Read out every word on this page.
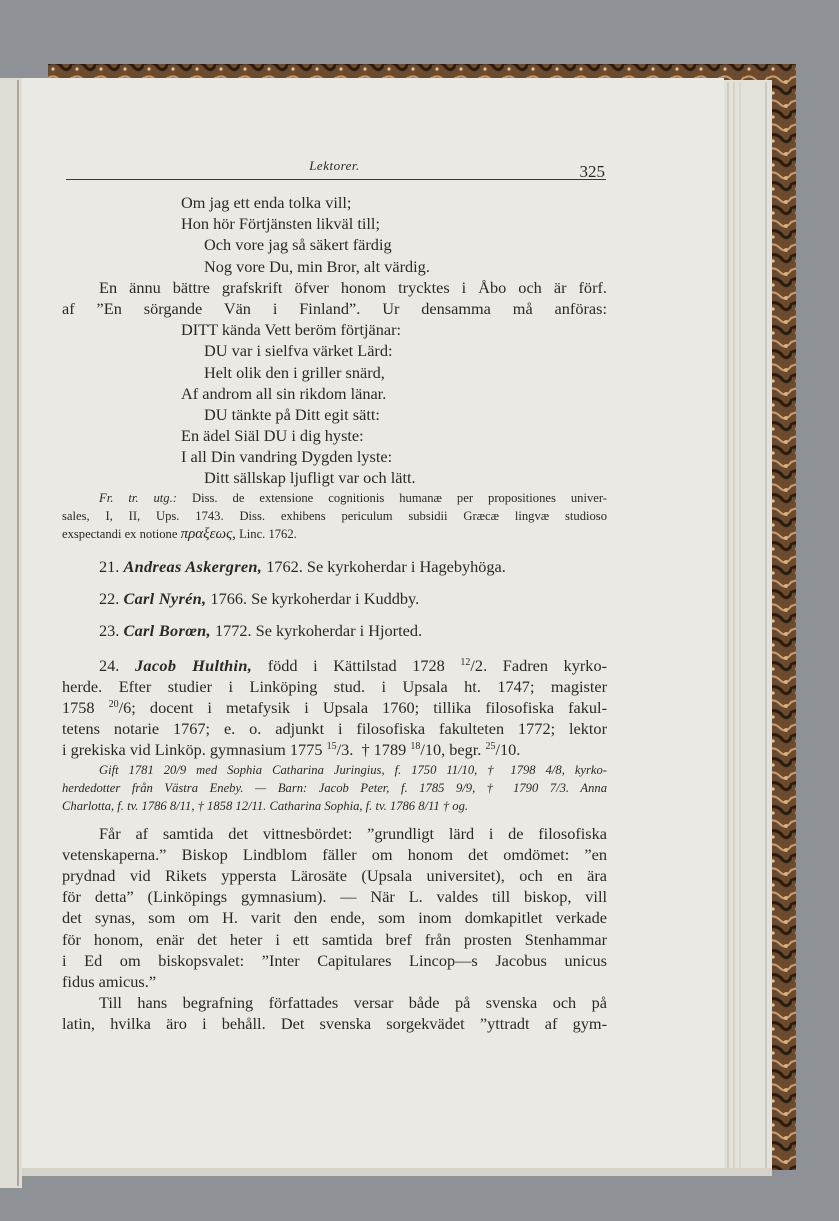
Lektorer.	325
Om jag ett enda tolka vill;
Hon hör Förtjänsten likväl till;
Och vore jag så säkert färdig
Nog vore Du, min Bror, alt värdig.
En ännu bättre grafskrift öfver honom trycktes i Åbo och är förf.
af ”En sörgande Vän i Finland”. Ur densamma må anföras:
DITT kända Vett beröm förtjänar:
DU var i sielfva värket Lärd:
Helt olik den i griller snärd,
Af androm all sin rikdom länar.
DU tänkte på Ditt egit sätt:
En ädel Siäl DU i dig hyste:
I all Din vandring Dygden lyste:
Ditt sällskap ljufligt var och lätt.
Fr. tr. utg.: Diss. de extensione cognitionis humanæ per propositiones univer-
sales, I, II, Ups. 1743. Diss. exhibens periculum subsidii Græcæ lingvæ studioso
exspectandi ex notione πραξεως, Linc. 1762.
21. Andreas Askergren, 1762. Se kyrkoherdar i Hagebyhöga.
22. Carl Nyrén, 1766. Se kyrkoherdar i Kuddby.
23. Carl Borœn, 1772. Se kyrkoherdar i Hjorted.
24. Jacob Hulthin, född i Kättilstad 1728 $^{12}$/2. Fadren kyrko-
herde. Efter studier i Linköping stud. i Upsala ht. 1747; magister
1758 $^{20}$/6; docent i metafysik i Upsala 1760; tillika filosofiska fakul-
tetens notarie 1767; e. o. adjunkt i filosofiska fakulteten 1772; lektor
i grekiska vid Linköp. gymnasium 1775 $^{15}$/3. † 1789 $^{18}$/10, begr. $^{25}$/10.
Gift 1781 20/9 med Sophia Catharina Juringius, f. 1750 11/10, † 1798 4/8, kyrko-
herdedotter från Västra Eneby. — Barn: Jacob Peter, f. 1785 9/9, † 1790 7/3. Anna
Charlotta, f. tv. 1786 8/11, † 1858 12/11. Catharina Sophia, f. tv. 1786 8/11 † og.
Får af samtida det vittnesbördet: ”grundligt lärd i de filosofiska
vetenskaperna.” Biskop Lindblom fäller om honom det omdömet: ”en
prydnad vid Rikets yppersta Lärosäte (Upsala universitet), och en ära
för detta” (Linköpings gymnasium). — När L. valdes till biskop, vill
det synas, som om H. varit den ende, som inom domkapitlet verkade
för honom, enär det heter i ett samtida bref från prosten Stenhammar
i Ed om biskopsvalet: ”Inter Capitulares Lincop—s Jacobus unicus
fidus amicus.”
Till hans begrafning författades versar både på svenska och på
latin, hvilka äro i behåll. Det svenska sorgekvädet ”yttradt af gym-
